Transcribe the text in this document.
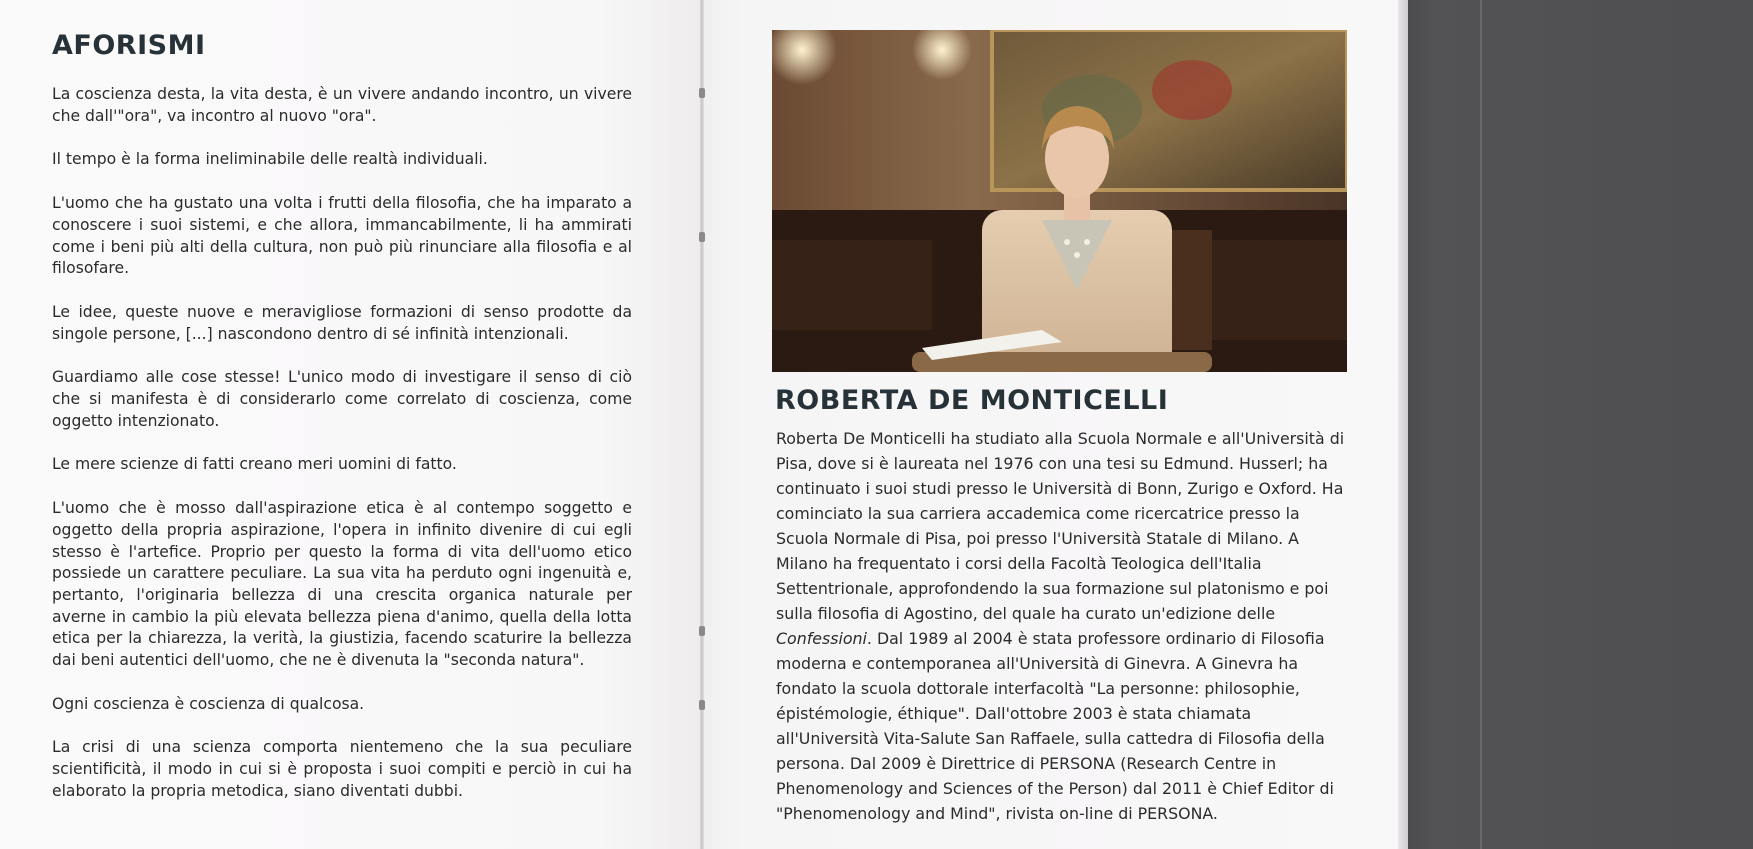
AFORISMI

La coscienza desta, la vita desta, è un vivere andando incontro, un vivere che dall'"ora", va incontro al nuovo "ora".

Il tempo è la forma ineliminabile delle realtà individuali.

L'uomo che ha gustato una volta i frutti della filosofia, che ha imparato a conoscere i suoi sistemi, e che allora, immancabilmente, li ha ammirati come i beni più alti della cultura, non può più rinunciare alla filosofia e al filosofare.

Le idee, queste nuove e meravigliose formazioni di senso prodotte da singole persone, [...] nascondono dentro di sé infinità intenzionali.

Guardiamo alle cose stesse! L'unico modo di investigare il senso di ciò che si manifesta è di considerarlo come correlato di coscienza, come oggetto intenzionato.

Le mere scienze di fatti creano meri uomini di fatto.

L'uomo che è mosso dall'aspirazione etica è al contempo soggetto e oggetto della propria aspirazione, l'opera in infinito divenire di cui egli stesso è l'artefice. Proprio per questo la forma di vita dell'uomo etico possiede un carattere peculiare. La sua vita ha perduto ogni ingenuità e, pertanto, l'originaria bellezza di una crescita organica naturale per averne in cambio la più elevata bellezza piena d'animo, quella della lotta etica per la chiarezza, la verità, la giustizia, facendo scaturire la bellezza dai beni autentici dell'uomo, che ne è divenuta la "seconda natura".

Ogni coscienza è coscienza di qualcosa.

La crisi di una scienza comporta nientemeno che la sua peculiare scientificità, il modo in cui si è proposta i suoi compiti e perciò in cui ha elaborato la propria metodica, siano diventati dubbi.

ROBERTA DE MONTICELLI

Roberta De Monticelli ha studiato alla Scuola Normale e all'Università di Pisa, dove si è laureata nel 1976 con una tesi su Edmund. Husserl; ha continuato i suoi studi presso le Università di Bonn, Zurigo e Oxford. Ha cominciato la sua carriera accademica come ricercatrice presso la Scuola Normale di Pisa, poi presso l'Università Statale di Milano. A Milano ha frequentato i corsi della Facoltà Teologica dell'Italia Settentrionale, approfondendo la sua formazione sul platonismo e poi sulla filosofia di Agostino, del quale ha curato un'edizione delle Confessioni. Dal 1989 al 2004 è stata professore ordinario di Filosofia moderna e contemporanea all'Università di Ginevra. A Ginevra ha fondato la scuola dottorale interfacoltà "La personne: philosophie, épistémologie, éthique". Dall'ottobre 2003 è stata chiamata all'Università Vita-Salute San Raffaele, sulla cattedra di Filosofia della persona. Dal 2009 è Direttrice di PERSONA (Research Centre in Phenomenology and Sciences of the Person) dal 2011 è Chief Editor di "Phenomenology and Mind", rivista on-line di PERSONA.
